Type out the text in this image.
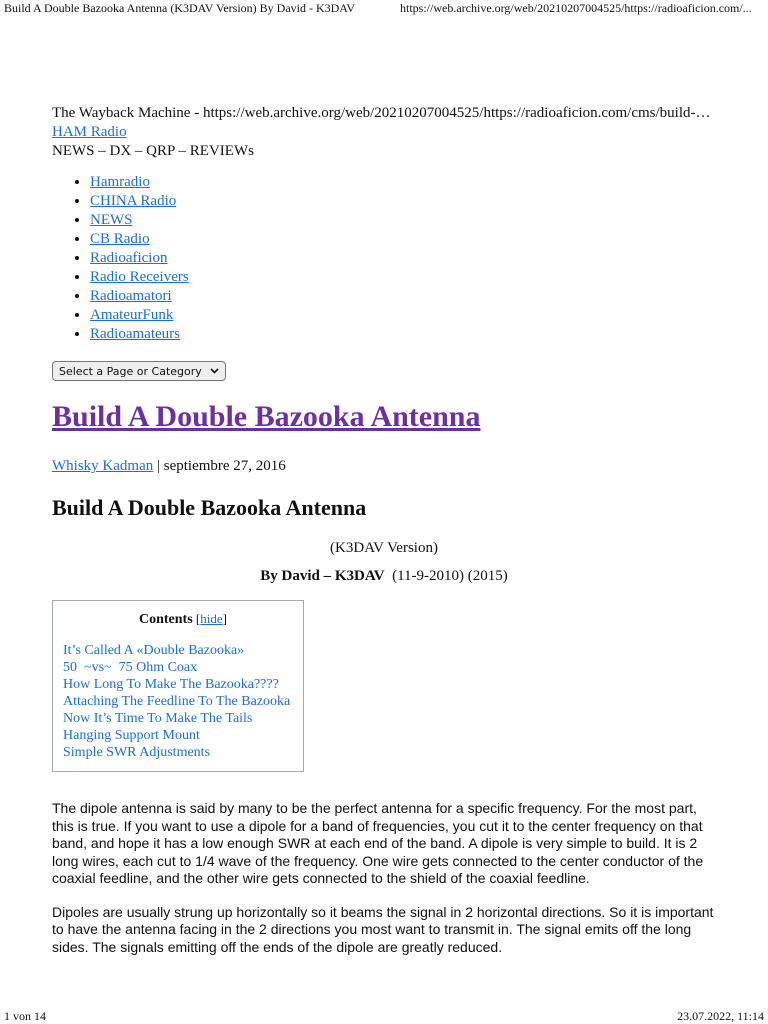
Build A Double Bazooka Antenna (K3DAV Version) By David - K3DAV	https://web.archive.org/web/20210207004525/https://radioaficion.com/...
The Wayback Machine - https://web.archive.org/web/20210207004525/https://radioaficion.com/cms/build-…
HAM Radio

NEWS – DX – QRP – REVIEWs

• Hamradio
• CHINA Radio
• NEWS
• CB Radio
• Radioaficion
• Radio Receivers
• Radioamatori
• AmateurFunk
• Radioamateurs
Select a Page or Category
Build A Double Bazooka Antenna
Whisky Kadman | septiembre 27, 2016
Build A Double Bazooka Antenna
(K3DAV Version)
By David – K3DAV  (11-9-2010) (2015)
Contents [hide]
It’s Called A «Double Bazooka»
50  ~vs~  75 Ohm Coax
How Long To Make The Bazooka????
Attaching The Feedline To The Bazooka
Now It’s Time To Make The Tails
Hanging Support Mount
Simple SWR Adjustments

The dipole antenna is said by many to be the perfect antenna for a specific frequency. For the most part, this is true. If you want to use a dipole for a band of frequencies, you cut it to the center frequency on that band, and hope it has a low enough SWR at each end of the band. A dipole is very simple to build. It is 2 long wires, each cut to 1/4 wave of the frequency. One wire gets connected to the center conductor of the coaxial feedline, and the other wire gets connected to the shield of the coaxial feedline.

Dipoles are usually strung up horizontally so it beams the signal in 2 horizontal directions. So it is important to have the antenna facing in the 2 directions you most want to transmit in. The signal emits off the long sides. The signals emitting off the ends of the dipole are greatly reduced.

1 von 14	23.07.2022, 11:14
